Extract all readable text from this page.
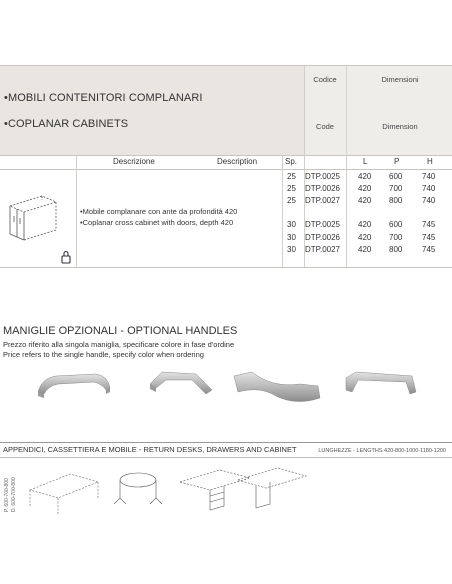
•MOBILI CONTENITORI COMPLANARI
•COPLANAR CABINETS
Codice
Code
Dimensioni
Dimension
Descrizione	Description	Sp.	L	P	H
•Mobile complanare con ante da profondità 420
•Coplanar cross cabinet with doors, depth 420
25 DTP.0025 420 600 740
25 DTP.0026 420 700 740
25 DTP.0027 420 800 740
30 DTP.0025 420 600 745
30 DTP.0026 420 700 745
30 DTP.0027 420 800 745
MANIGLIE OPZIONALI - OPTIONAL HANDLES
Prezzo riferito alla singola maniglia, specificare colore in fase d'ordine
Price refers to the single handle, specify color when ordering
APPENDICI, CASSETTIERA E MOBILE - RETURN DESKS, DRAWERS AND CABINET	LUNGHEZZE - LENGTHS 420-800-1000-1180-1200
P. 600-700-800 D. 600-700-800
